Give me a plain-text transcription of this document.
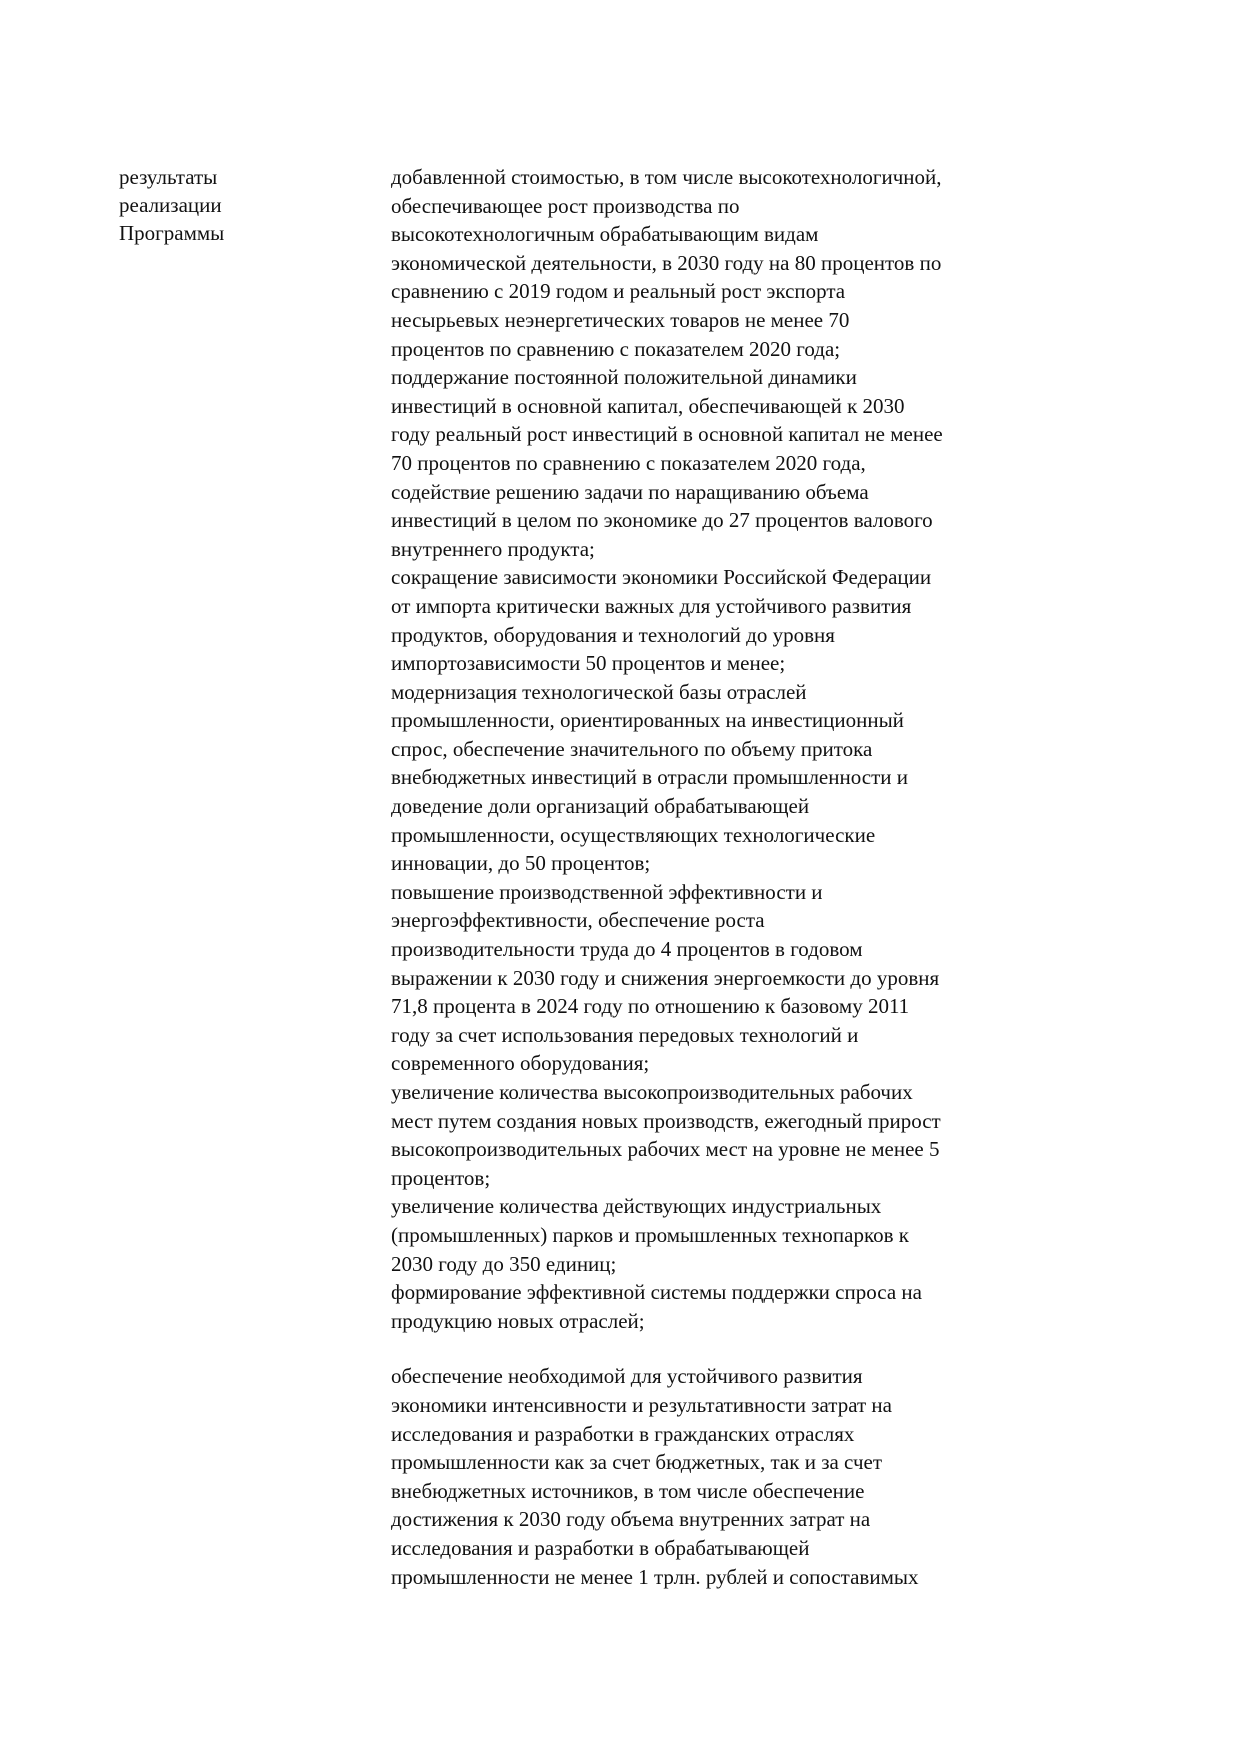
результаты
реализации
Программы
добавленной стоимостью, в том числе высокотехнологичной,
обеспечивающее рост производства по
высокотехнологичным обрабатывающим видам
экономической деятельности, в 2030 году на 80 процентов по
сравнению с 2019 годом и реальный рост экспорта
несырьевых неэнергетических товаров не менее 70
процентов по сравнению с показателем 2020 года;
поддержание постоянной положительной динамики
инвестиций в основной капитал, обеспечивающей к 2030
году реальный рост инвестиций в основной капитал не менее
70 процентов по сравнению с показателем 2020 года,
содействие решению задачи по наращиванию объема
инвестиций в целом по экономике до 27 процентов валового
внутреннего продукта;
сокращение зависимости экономики Российской Федерации
от импорта критически важных для устойчивого развития
продуктов, оборудования и технологий до уровня
импортозависимости 50 процентов и менее;
модернизация технологической базы отраслей
промышленности, ориентированных на инвестиционный
спрос, обеспечение значительного по объему притока
внебюджетных инвестиций в отрасли промышленности и
доведение доли организаций обрабатывающей
промышленности, осуществляющих технологические
инновации, до 50 процентов;
повышение производственной эффективности и
энергоэффективности, обеспечение роста
производительности труда до 4 процентов в годовом
выражении к 2030 году и снижения энергоемкости до уровня
71,8 процента в 2024 году по отношению к базовому 2011
году за счет использования передовых технологий и
современного оборудования;
увеличение количества высокопроизводительных рабочих
мест путем создания новых производств, ежегодный прирост
высокопроизводительных рабочих мест на уровне не менее 5
процентов;
увеличение количества действующих индустриальных
(промышленных) парков и промышленных технопарков к
2030 году до 350 единиц;
формирование эффективной системы поддержки спроса на
продукцию новых отраслей;
обеспечение необходимой для устойчивого развития
экономики интенсивности и результативности затрат на
исследования и разработки в гражданских отраслях
промышленности как за счет бюджетных, так и за счет
внебюджетных источников, в том числе обеспечение
достижения к 2030 году объема внутренних затрат на
исследования и разработки в обрабатывающей
промышленности не менее 1 трлн. рублей и сопоставимых
